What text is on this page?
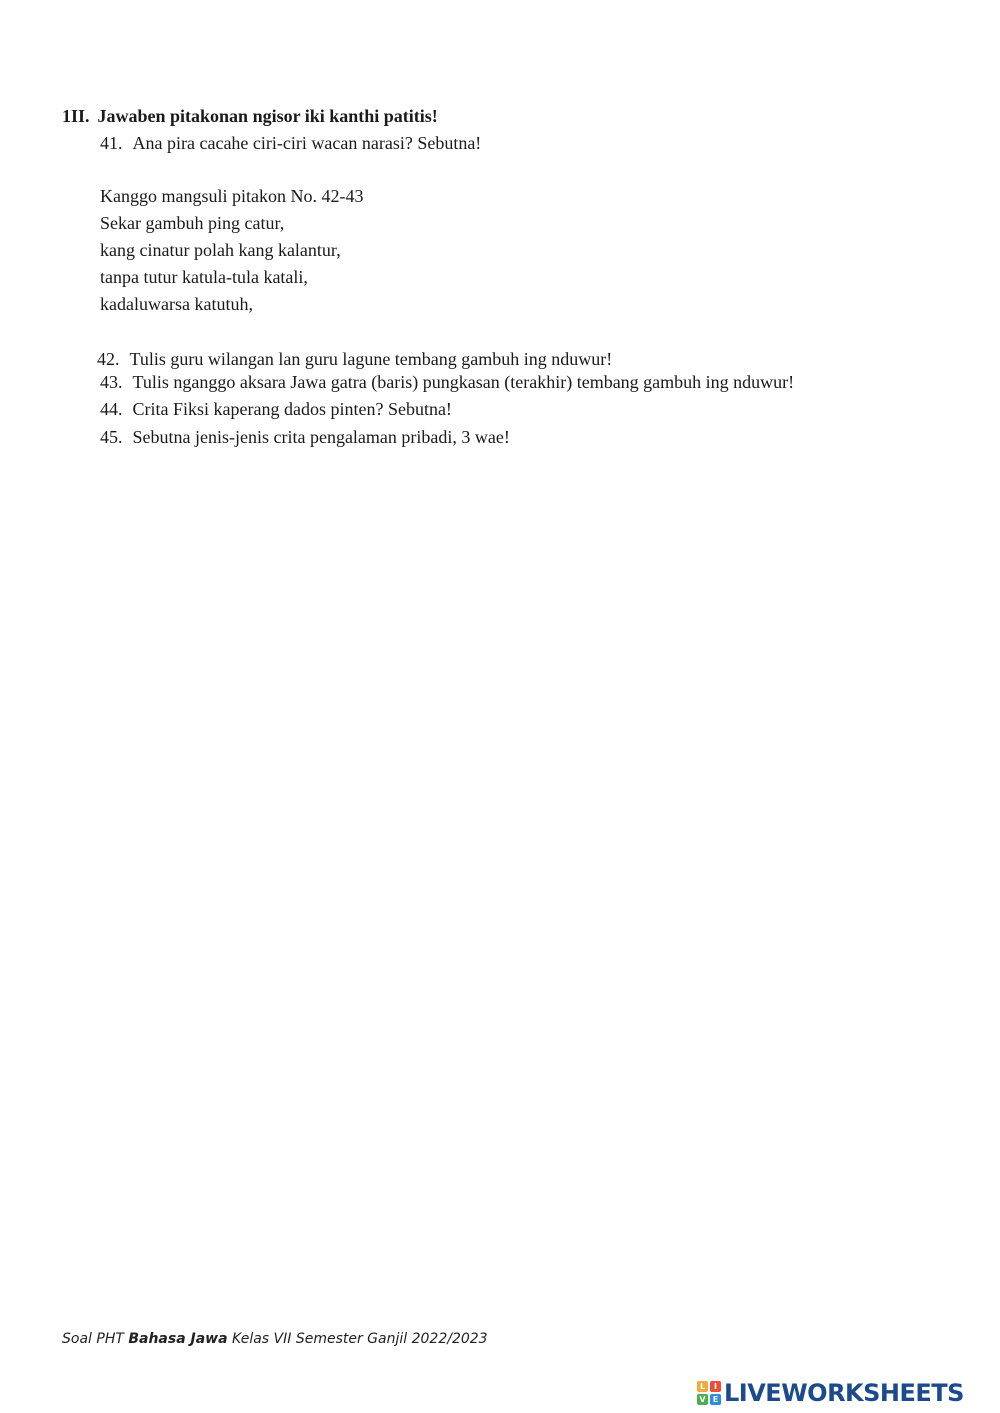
1II. Jawaben pitakonan ngisor iki kanthi patitis!
41. Ana pira cacahe ciri-ciri wacan narasi? Sebutna!
Kanggo mangsuli pitakon No. 42-43
Sekar gambuh ping catur,
kang cinatur polah kang kalantur,
tanpa tutur katula-tula katali,
kadaluwarsa katutuh,
42. Tulis guru wilangan lan guru lagune tembang gambuh ing nduwur!
43. Tulis nganggo aksara Jawa gatra (baris) pungkasan (terakhir) tembang gambuh ing nduwur!
44. Crita Fiksi kaperang dados pinten? Sebutna!
45. Sebutna jenis-jenis crita pengalaman pribadi, 3 wae!
Soal PHT Bahasa Jawa Kelas VII Semester Ganjil 2022/2023
L	I
V E LIVEWORKSHEETS
